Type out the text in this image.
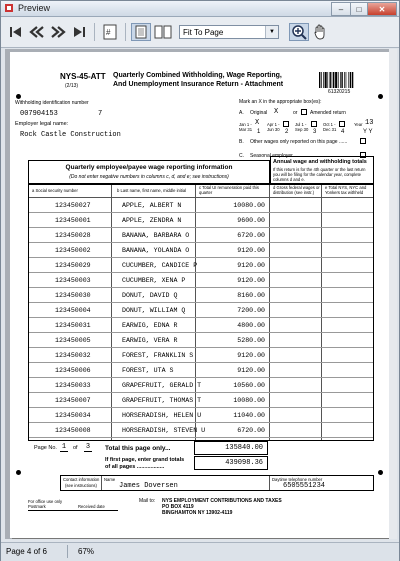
Preview	‒	□	✕
#	Fit To Page	▼
NYS-45-ATT
(2/13)
Quarterly Combined Withholding, Wage Reporting,
And Unemployment Insurance Return - Attachment
61320215
Withholding identification number
007904153	7
Employer legal name:
Rock Castle Construction
Mark an X in the appropriate box(es):
A. Original X	or	Amended return
Jan 1 - Mar 31
Apr 1 - Jun 30
Jul 1 - Sep 30
Oct 1 - Dec 31
X
1	2	3	4
Year 13
Y Y
B. Other wages only reported on this page ......
C. Seasonal employer ..........................
Quarterly employee/payee wage reporting information
(Do not enter negative numbers in columns c, d, and e; see instructions)
Annual wage and withholding totals
If this return is for the 4th quarter or the last return you will be filing for the calendar year, complete columns d and e.
a Social security number	b Last name, first name, middle initial
c Total UI remuneration paid this quarter
d Gross federal wages or distribution (see instr.)
e Total NYS, NYC and Yonkers tax withheld
123450027	APPLE, ALBERT N	10080.00
123450001	APPLE, ZENDRA N	9600.00
123450028	BANANA, BARBARA O	6720.00
123450002	BANANA, YOLANDA O	9120.00
123450029	CUCUMBER, CANDICE P	9120.00
123450003	CUCUMBER, XENA P	9120.00
123450030	DONUT, DAVID Q	8160.00
123450004	DONUT, WILLIAM Q	7200.00
123450031	EARWIG, EDNA R	4800.00
123450005	EARWIG, VERA R	5280.00
123450032	FOREST, FRANKLIN S	9120.00
123450006	FOREST, UTA S	9120.00
123450033	GRAPEFRUIT, GERALD T	10560.00
123450007	GRAPEFRUIT, THOMAS T	10080.00
123450034	HORSERADISH, HELEN U	11040.00
123450008	HORSERADISH, STEVEN U	6720.00
Page No. 1	of 3 Total this page only...	135840.00
If first page, enter grand totals
of all pages ..................	439098.36
Contact information
(see instructions)
Name
James Doversen
Daytime telephone number
6505551234
For office use only
Postmark	Received date
Mail to: NYS EMPLOYMENT CONTRIBUTIONS AND TAXES
PO BOX 4119
BINGHAMTON NY 13902-4119
Page 4 of 6	67%
